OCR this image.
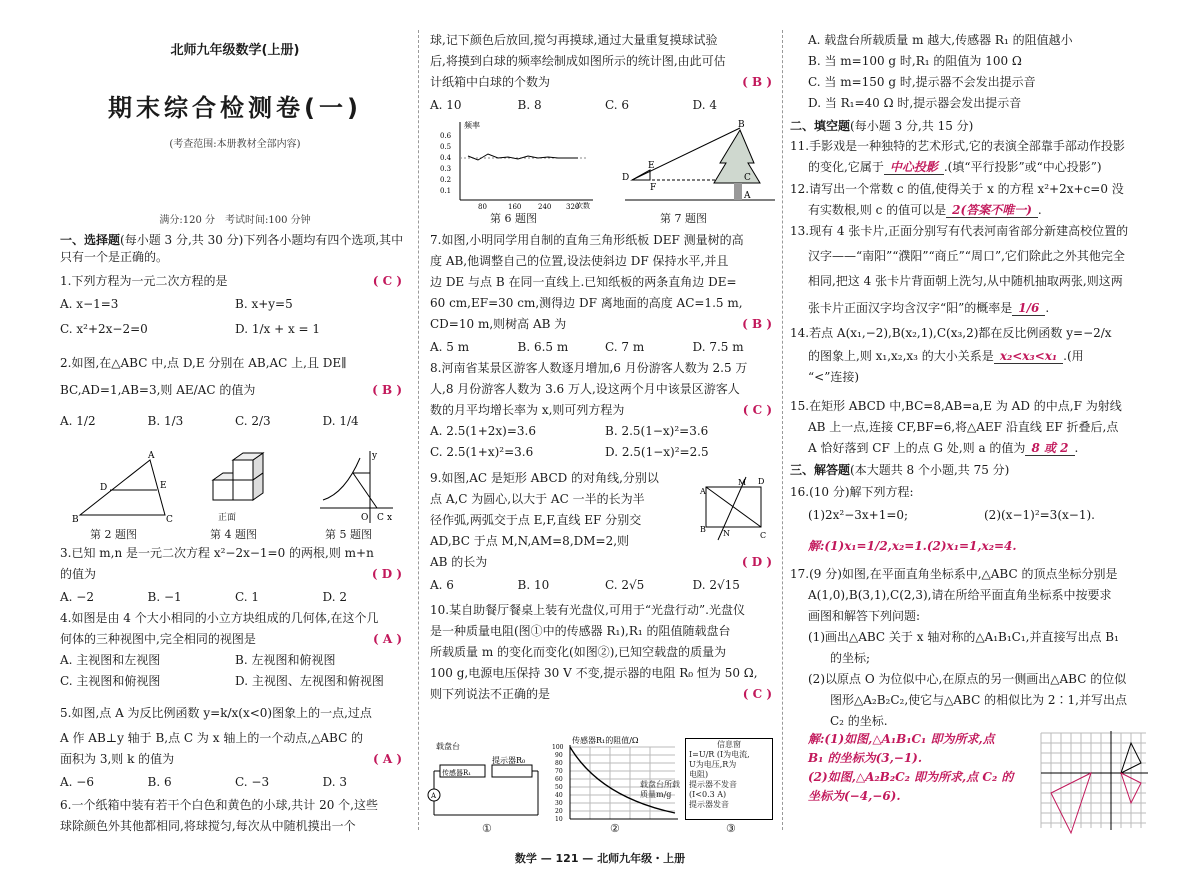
北师九年级数学(上册)

期末综合检测卷(一)

(考查范围:本册教材全部内容)

满分:120 分　考试时间:100 分钟

一、选择题(每小题 3 分,共 30 分)下列各小题均有四个选项,其中只有一个是正确的。

1.下列方程为一元二次方程的是	( C )

A. x−1=3	B. x+y=5
C. x²+2x−2=0	D. 1/x + x = 1

2.如图,在△ABC 中,点 D,E 分别在 AB,AC 上,且 DE∥

BC,AD=1,AB=3,则 AE/AC 的值为	( B )

A. 1/2	B. 1/3	C. 2/3	D. 1/4
A
B	C
D	E
第 2 题图
正面
第 4 题图
y
x
O C
第 5 题图

3.已知 m,n 是一元二次方程 x²−2x−1=0 的两根,则 m+n

的值为	( D )

A. −2	B. −1	C. 1	D. 2

4.如图是由 4 个大小相同的小立方块组成的几何体,在这个几

何体的三种视图中,完全相同的视图是	( A )

A. 主视图和左视图	B. 左视图和俯视图
C. 主视图和俯视图	D. 主视图、左视图和俯视图

5.如图,点 A 为反比例函数 y=k/x(x<0)图象上的一点,过点

A 作 AB⊥y 轴于 B,点 C 为 x 轴上的一个动点,△ABC 的

面积为 3,则 k 的值为	( A )

A. −6	B. 6	C. −3	D. 3

6.一个纸箱中装有若干个白色和黄色的小球,共计 20 个,这些

球除颜色外其他都相同,将球搅匀,每次从中随机摸出一个

球,记下颜色后放回,搅匀再摸球,通过大量重复摸球试验

后,将摸到白球的频率绘制成如图所示的统计图,由此可估

计纸箱中白球的个数为	( B )

A. 10	B. 8	C. 6	D. 4
频率
次数
0.6
0.5
0.4
0.3
0.2
0.1
80	160 240 320
第 6 题图
B
D	C
E
F
A
第 7 题图

7.如图,小明同学用自制的直角三角形纸板 DEF 测量树的高

度 AB,他调整自己的位置,设法使斜边 DF 保持水平,并且

边 DE 与点 B 在同一直线上.已知纸板的两条直角边 DE=

60 cm,EF=30 cm,测得边 DF 离地面的高度 AC=1.5 m,

CD=10 m,则树高 AB 为	( B )

A. 5 m	B. 6.5 m	C. 7 m	D. 7.5 m

8.河南省某景区游客人数逐月增加,6 月份游客人数为 2.5 万

人,8 月份游客人数为 3.6 万人,设这两个月中该景区游客人

数的月平均增长率为 x,则可列方程为	( C )

A. 2.5(1+2x)=3.6	B. 2.5(1−x)²=3.6
C. 2.5(1+x)²=3.6	D. 2.5(1−x)²=2.5

9.如图,AC 是矩形 ABCD 的对角线,分别以

点 A,C 为圆心,以大于 AC 一半的长为半

径作弧,两弧交于点 E,F,直线 EF 分别交

AD,BC 于点 M,N,AM=8,DM=2,则

AB 的长为	( D )

A. 6	B. 10	C. 2√5	D. 2√15
A
D
B
C
M
N

10.某自助餐厅餐桌上装有光盘仪,可用于“光盘行动”.光盘仪

是一种质量电阻(图①中的传感器 R₁),R₁ 的阻值随载盘台

所载质量 m 的变化而变化(如图②),已知空载盘的质量为

100 g,电源电压保持 30 V 不变,提示器的电阻 R₀ 恒为 50 Ω,

则下列说法不正确的是	( C )

载盘台
提示器R₀
传感器R₁
A
①
传感器R₁的阻值/Ω
100
90
80
70
60
50
40
30
20
10
载盘台所载质量m/g
②
信息窗
I=U/R (I为电流,
U为电压,R为
电阻)
提示器不发音
(I<0.3 A)
提示器发音
③

A. 载盘台所载质量 m 越大,传感器 R₁ 的阻值越小

B. 当 m=100 g 时,R₁ 的阻值为 100 Ω

C. 当 m=150 g 时,提示器不会发出提示音

D. 当 R₁=40 Ω 时,提示器会发出提示音

二、填空题(每小题 3 分,共 15 分)

11.手影戏是一种独特的艺术形式,它的表演全部靠手部动作投影

的变化,它属于 中心投影 .(填“平行投影”或“中心投影”)

12.请写出一个常数 c 的值,使得关于 x 的方程 x²+2x+c=0 没

有实数根,则 c 的值可以是 2(答案不唯一) .

13.现有 4 张卡片,正面分别写有代表河南省部分新建高校位置的

汉字——“南阳”“濮阳”“商丘”“周口”,它们除此之外其他完全

相同,把这 4 张卡片背面朝上洗匀,从中随机抽取两张,则这两

张卡片正面汉字均含汉字“阳”的概率是 1/6 .

14.若点 A(x₁,−2),B(x₂,1),C(x₃,2)都在反比例函数 y=−2/x

的图象上,则 x₁,x₂,x₃ 的大小关系是 x₂<x₃<x₁ .(用

“<”连接)

15.在矩形 ABCD 中,BC=8,AB=a,E 为 AD 的中点,F 为射线

AB 上一点,连接 CF,BF=6,将△AEF 沿直线 EF 折叠后,点

A 恰好落到 CF 上的点 G 处,则 a 的值为 8 或 2 .

三、解答题(本大题共 8 个小题,共 75 分)

16.(10 分)解下列方程:

(1)2x²−3x+1=0;	(2)(x−1)²=3(x−1).

解:(1)x₁=1/2,x₂=1.(2)x₁=1,x₂=4.

17.(9 分)如图,在平面直角坐标系中,△ABC 的顶点坐标分别是

A(1,0),B(3,1),C(2,3),请在所给平面直角坐标系中按要求

画图和解答下列问题:

(1)画出△ABC 关于 x 轴对称的△A₁B₁C₁,并直接写出点 B₁

的坐标;

(2)以原点 O 为位似中心,在原点的另一侧画出△ABC 的位似

图形△A₂B₂C₂,使它与△ABC 的相似比为 2∶1,并写出点

C₂ 的坐标.

解:(1)如图,△A₁B₁C₁ 即为所求,点

B₁ 的坐标为(3,−1).

(2)如图,△A₂B₂C₂ 即为所求,点 C₂ 的

坐标为(−4,−6).

数学 — 121 — 北师九年级・上册
